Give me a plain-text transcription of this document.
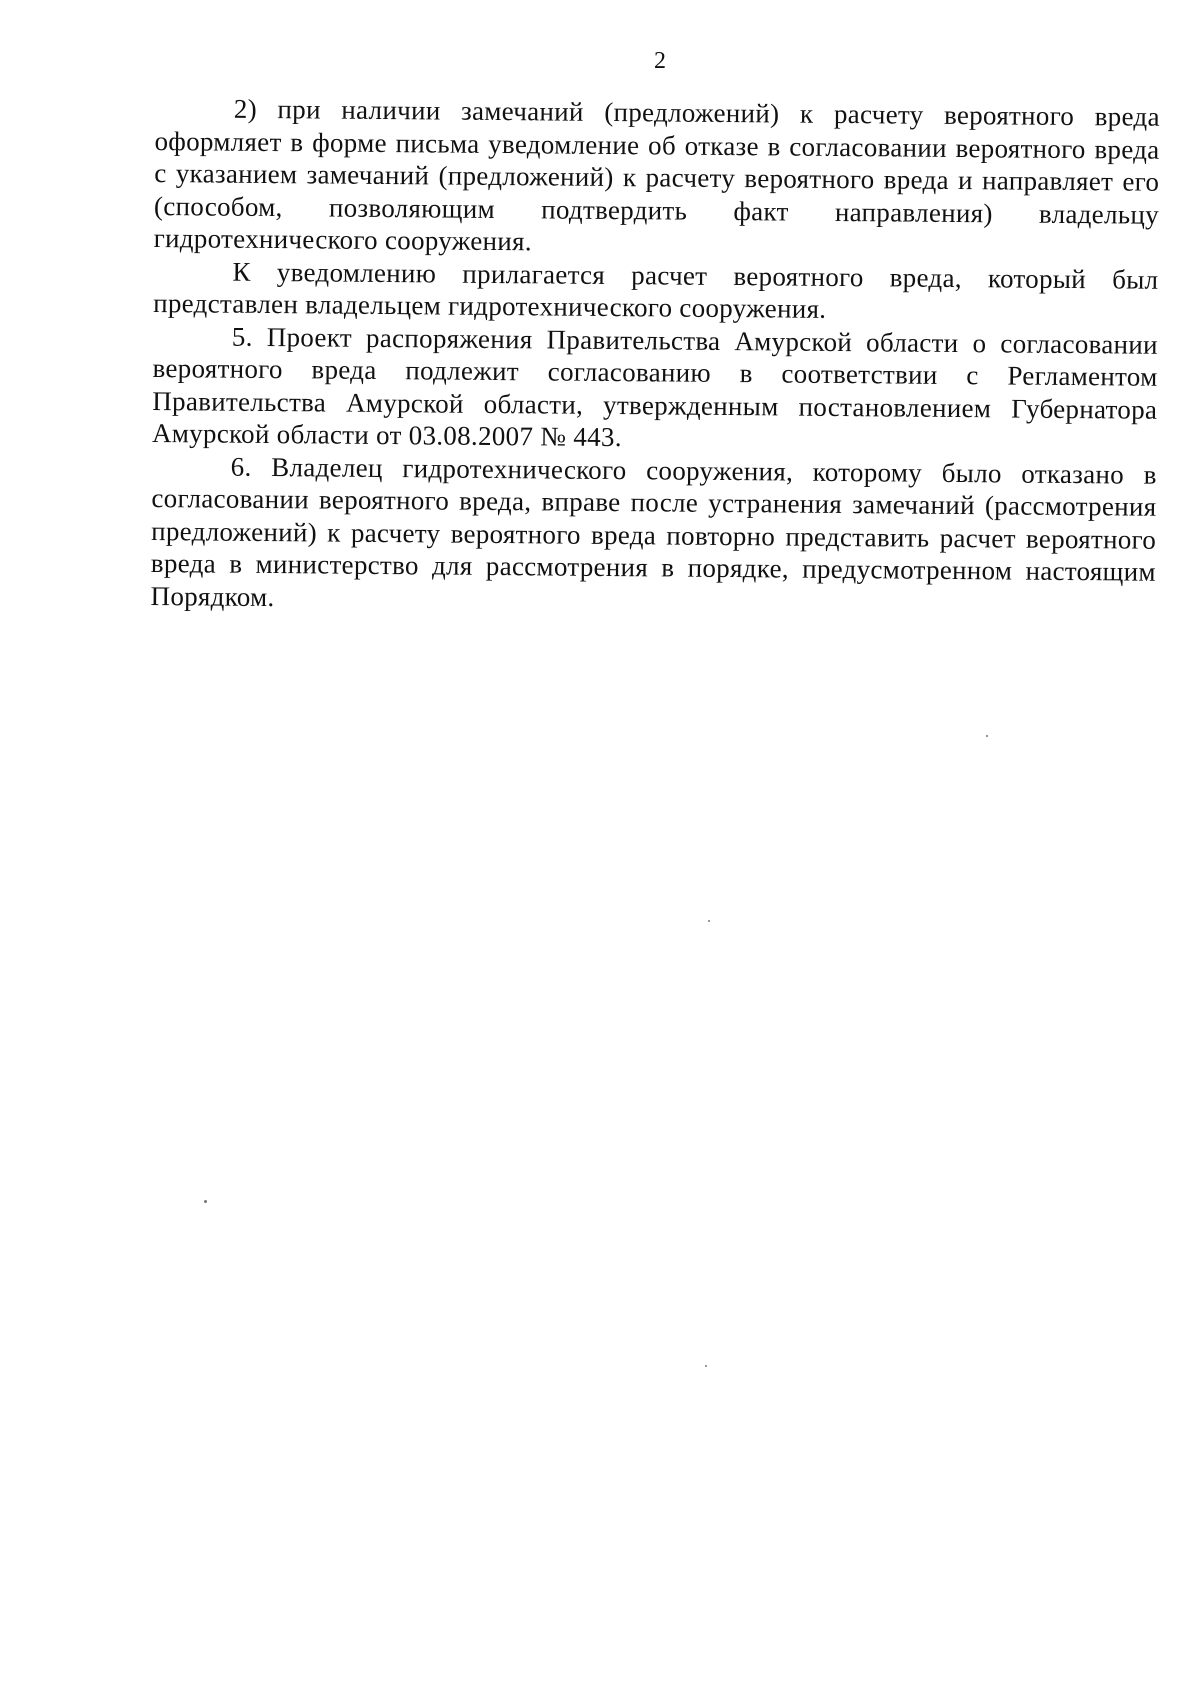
2

2) при наличии замечаний (предложений) к расчету вероятного вреда оформляет в форме письма уведомление об отказе в согласовании вероятного вреда с указанием замечаний (предложений) к расчету вероятного вреда и направляет его (способом, позволяющим подтвердить факт направления) владельцу гидротехнического сооружения.

К уведомлению прилагается расчет вероятного вреда, который был представлен владельцем гидротехнического сооружения.

5. Проект распоряжения Правительства Амурской области о согласовании вероятного вреда подлежит согласованию в соответствии с Регламентом Правительства Амурской области, утвержденным постановлением Губернатора Амурской области от 03.08.2007 № 443.

6. Владелец гидротехнического сооружения, которому было отказано в согласовании вероятного вреда, вправе после устранения замечаний (рассмотрения предложений) к расчету вероятного вреда повторно представить расчет вероятного вреда в министерство для рассмотрения в порядке, предусмотренном настоящим Порядком.
